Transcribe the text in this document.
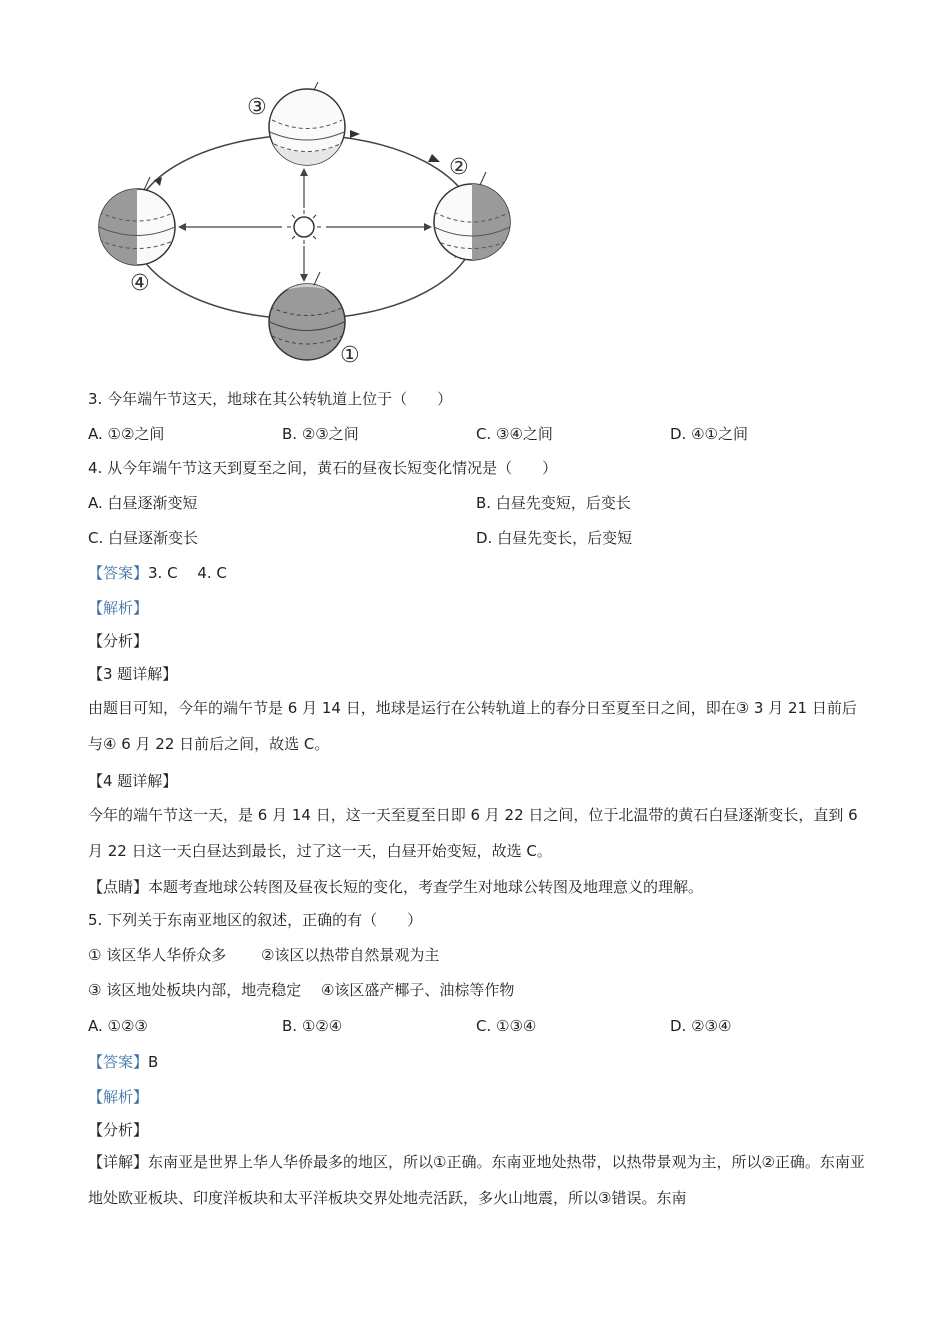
③
②
④
①
3. 今年端午节这天，地球在其公转轨道上位于（　　）
A. ①②之间	B. ②③之间	C. ③④之间	D. ④①之间
4. 从今年端午节这天到夏至之间，黄石的昼夜长短变化情况是（　　）
A. 白昼逐渐变短	B. 白昼先变短，后变长
C. 白昼逐渐变长	D. 白昼先变长，后变短
【答案】3. C　 4. C
【解析】
【分析】
【3 题详解】
由题目可知，今年的端午节是 6 月 14 日，地球是运行在公转轨道上的春分日至夏至日之间，即在③ 3 月 21 日前后与④ 6 月 22 日前后之间，故选 C。
【4 题详解】
今年的端午节这一天，是 6 月 14 日，这一天至夏至日即 6 月 22 日之间，位于北温带的黄石白昼逐渐变长，直到 6 月 22 日这一天白昼达到最长，过了这一天，白昼开始变短，故选 C。
【点睛】本题考查地球公转图及昼夜长短的变化，考查学生对地球公转图及地理意义的理解。
5. 下列关于东南亚地区的叙述，正确的有（　　）
① 该区华人华侨众多　　 ②该区以热带自然景观为主
③ 该区地处板块内部，地壳稳定　 ④该区盛产椰子、油棕等作物
A. ①②③	B. ①②④	C. ①③④	D. ②③④
【答案】B
【解析】
【分析】
【详解】东南亚是世界上华人华侨最多的地区，所以①正确。东南亚地处热带，以热带景观为主，所以②正确。东南亚地处欧亚板块、印度洋板块和太平洋板块交界处地壳活跃，多火山地震，所以③错误。东南
